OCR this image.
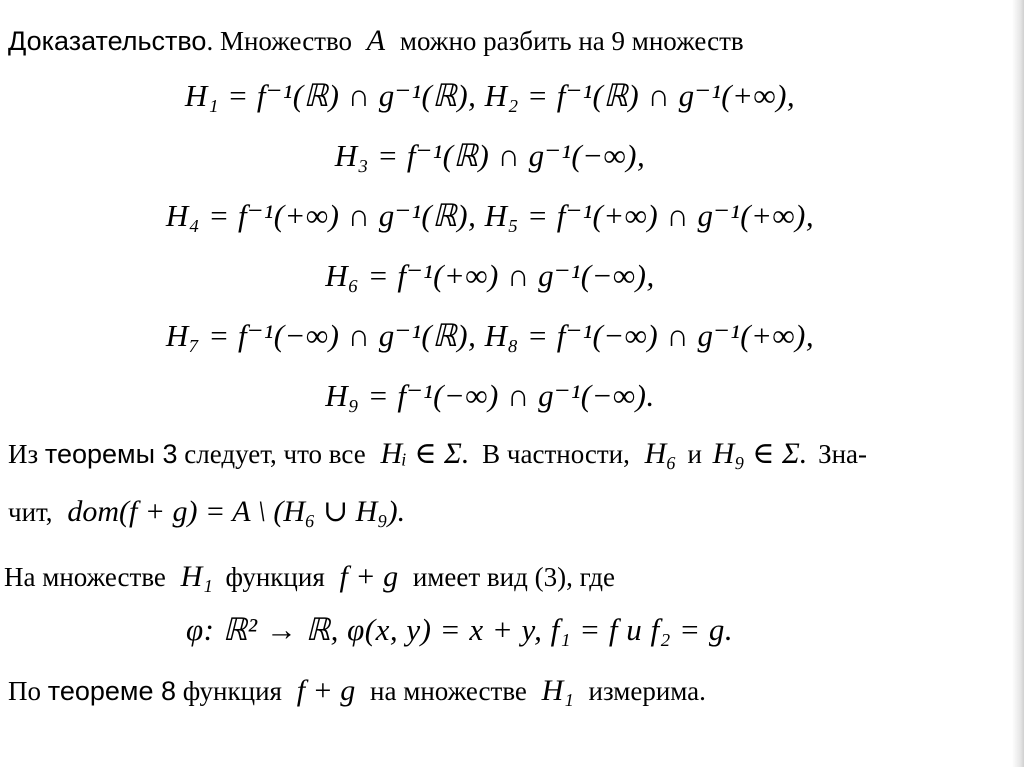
Доказательство. Множество A можно разбить на 9 множеств
H₁ = f⁻¹(ℝ) ∩ g⁻¹(ℝ), H₂ = f⁻¹(ℝ) ∩ g⁻¹(+∞),
H₃ = f⁻¹(ℝ) ∩ g⁻¹(−∞),
H₄ = f⁻¹(+∞) ∩ g⁻¹(ℝ), H₅ = f⁻¹(+∞) ∩ g⁻¹(+∞),
H₆ = f⁻¹(+∞) ∩ g⁻¹(−∞),
H₇ = f⁻¹(−∞) ∩ g⁻¹(ℝ), H₈ = f⁻¹(−∞) ∩ g⁻¹(+∞),
H₉ = f⁻¹(−∞) ∩ g⁻¹(−∞).
Из теоремы 3 следует, что все Hᵢ ∈ Σ. В частности, H₆ и H₉ ∈ Σ. Зна-
чит, dom(f + g) = A \ (H₆ ∪ H₉).
На множестве H₁ функция f + g имеет вид (3), где
φ: ℝ² → ℝ, φ(x, y) = x + y, f₁ = f и f₂ = g.
По теореме 8 функция f + g на множестве H₁ измерима.
